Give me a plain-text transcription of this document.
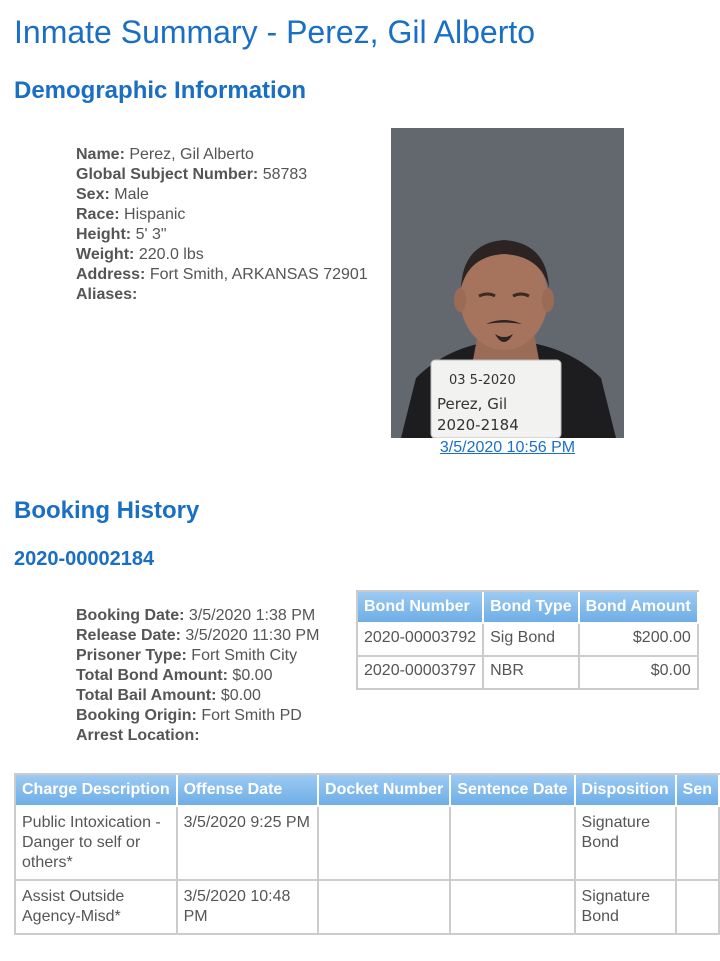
Inmate Summary - Perez, Gil Alberto
Demographic Information
Name: Perez, Gil Alberto
Global Subject Number: 58783
Sex: Male
Race: Hispanic
Height: 5' 3"
Weight: 220.0 lbs
Address: Fort Smith, ARKANSAS 72901
Aliases:
03 5-2020
Perez, Gil
2020-2184
3/5/2020 10:56 PM
Booking History
2020-00002184
Booking Date: 3/5/2020 1:38 PM
Release Date: 3/5/2020 11:30 PM
Prisoner Type: Fort Smith City
Total Bond Amount: $0.00
Total Bail Amount: $0.00
Booking Origin: Fort Smith PD
Arrest Location:
Bond Number	Bond Type	Bond Amount
2020-00003792	Sig Bond	$200.00
2020-00003797	NBR	$0.00
Charge Description	Offense Date	Docket Number	Sentence Date	Disposition	Sen
Public Intoxication - Danger to self or others*	3/5/2020 9:25 PM			Signature Bond	
Assist Outside Agency-Misd*	3/5/2020 10:48 PM			Signature Bond	
